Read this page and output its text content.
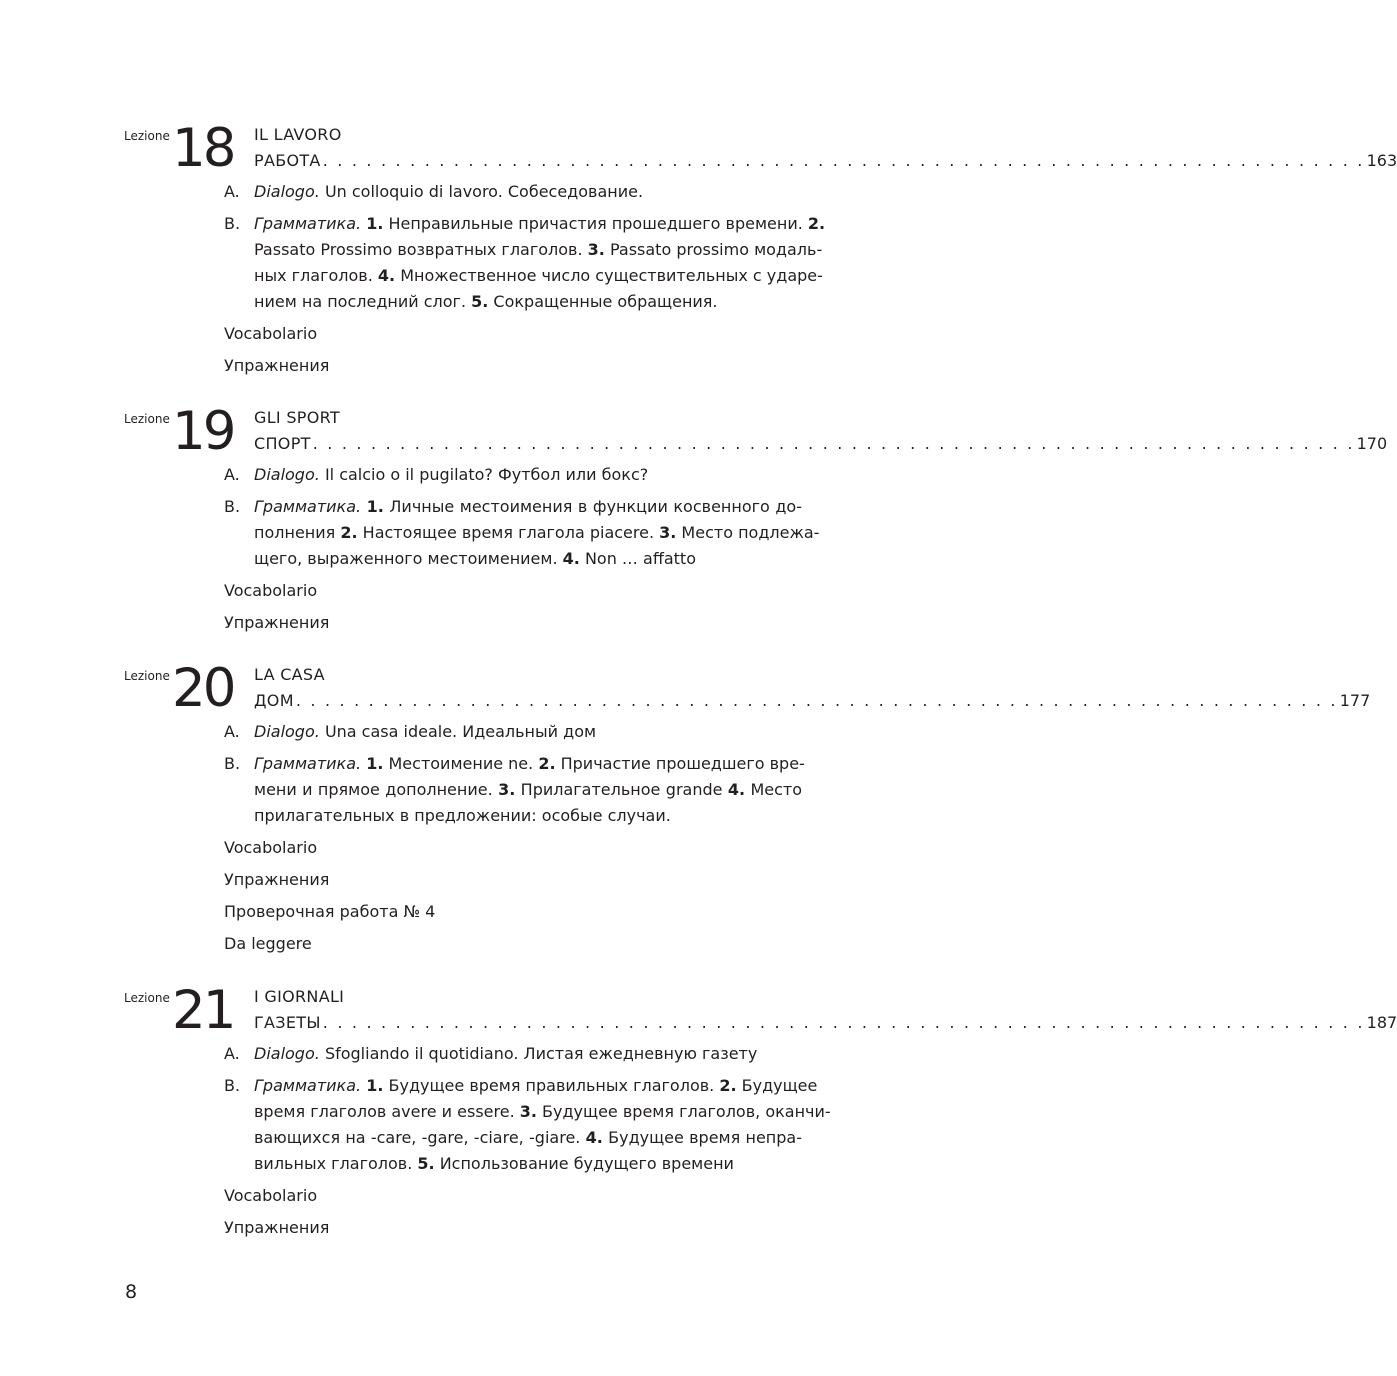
Lezione 18 IL LAVORO
РАБОТА . . . . . . . . . . . . . . . . . . . . . . . . . . . . . . . . . . . . . . . . . . . . . . . . . . . . . . . . . . . . . . . . . . . . . . . . 163
A. Dialogo. Un colloquio di lavoro. Собеседование.
B. Грамматика. 1. Неправильные причастия прошедшего времени. 2.
Passato Prossimo возвратных глаголов. 3. Passato prossimo модаль-
ных глаголов. 4. Множественное число существительных с ударе-
нием на последний слог. 5. Сокращенные обращения.
Vocabolario
Упражнения
Lezione 19 GLI SPORT
СПОРТ . . . . . . . . . . . . . . . . . . . . . . . . . . . . . . . . . . . . . . . . . . . . . . . . . . . . . . . . . . . . . . . . . . . . . . . . 170
A. Dialogo. Il calcio o il pugilato? Футбол или бокс?
B. Грамматика. 1. Личные местоимения в функции косвенного до-
полнения 2. Настоящее время глагола piacere. 3. Место подлежа-
щего, выраженного местоимением. 4. Non … affatto
Vocabolario
Упражнения
Lezione 20 LA CASA
ДОМ . . . . . . . . . . . . . . . . . . . . . . . . . . . . . . . . . . . . . . . . . . . . . . . . . . . . . . . . . . . . . . . . . . . . . . . . 177
A. Dialogo. Una casa ideale. Идеальный дом
B. Грамматика. 1. Местоимение ne. 2. Причастие прошедшего вре-
мени и прямое дополнение. 3. Прилагательное grande 4. Место
прилагательных в предложении: особые случаи.
Vocabolario
Упражнения
Проверочная работа № 4
Da leggere
Lezione 21 I GIORNALI
ГАЗЕТЫ . . . . . . . . . . . . . . . . . . . . . . . . . . . . . . . . . . . . . . . . . . . . . . . . . . . . . . . . . . . . . . . . . . . . . . . . 187
A. Dialogo. Sfogliando il quotidiano. Листая ежедневную газету
B. Грамматика. 1. Будущее время правильных глаголов. 2. Будущее
время глаголов avere и essere. 3. Будущее время глаголов, оканчи-
вающихся на -care, -gare, -ciare, -giare. 4. Будущее время непра-
вильных глаголов. 5. Использование будущего времени
Vocabolario
Упражнения
8
